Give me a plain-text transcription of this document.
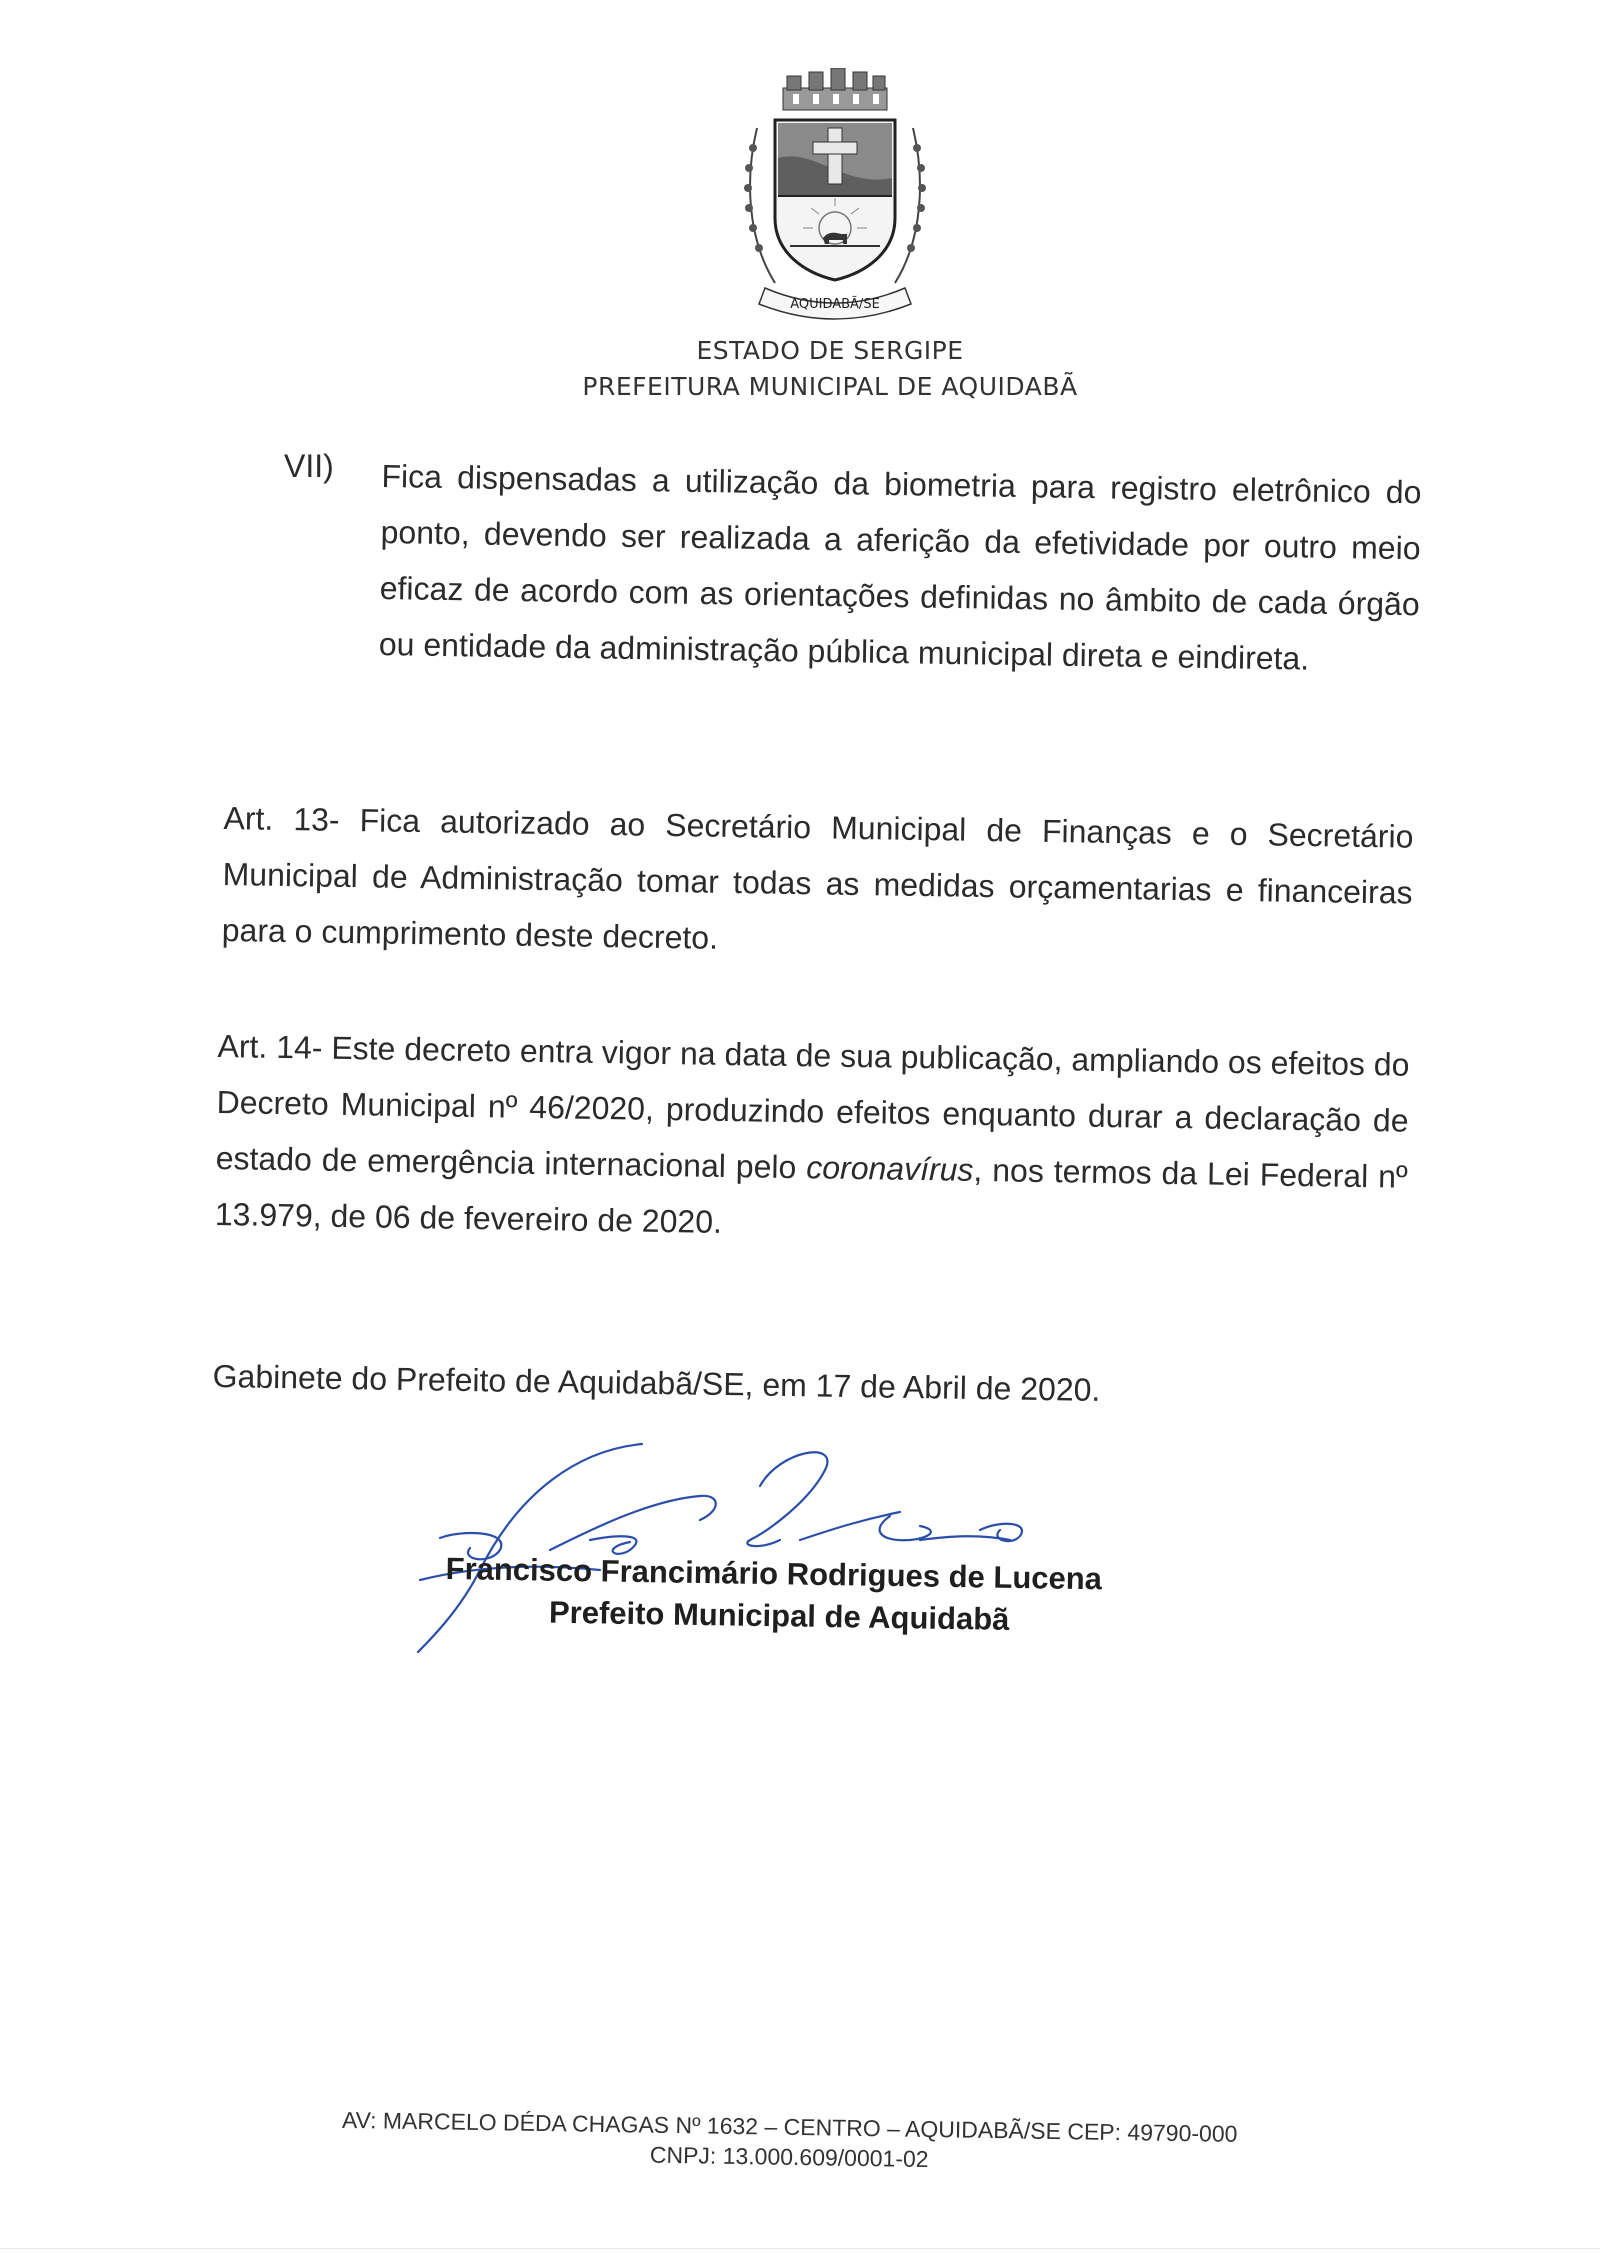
AQUIDABÃ/SE
ESTADO DE SERGIPE
PREFEITURA MUNICIPAL DE AQUIDABÃ
VII) Fica dispensadas a utilização da biometria para registro eletrônico do ponto, devendo ser realizada a aferição da efetividade por outro meio eficaz de acordo com as orientações definidas no âmbito de cada órgão ou entidade da administração pública municipal direta e eindireta.
Art. 13- Fica autorizado ao Secretário Municipal de Finanças e o Secretário Municipal de Administração tomar todas as medidas orçamentarias e financeiras para o cumprimento deste decreto.
Art. 14- Este decreto entra vigor na data de sua publicação, ampliando os efeitos do Decreto Municipal nº 46/2020, produzindo efeitos enquanto durar a declaração de estado de emergência internacional pelo coronavírus, nos termos da Lei Federal nº 13.979, de 06 de fevereiro de 2020.
Gabinete do Prefeito de Aquidabã/SE, em 17 de Abril de 2020.
Francisco Francimário Rodrigues de Lucena
Prefeito Municipal de Aquidabã
AV: MARCELO DÉDA CHAGAS Nº 1632 – CENTRO – AQUIDABÃ/SE CEP: 49790-000
CNPJ: 13.000.609/0001-02
